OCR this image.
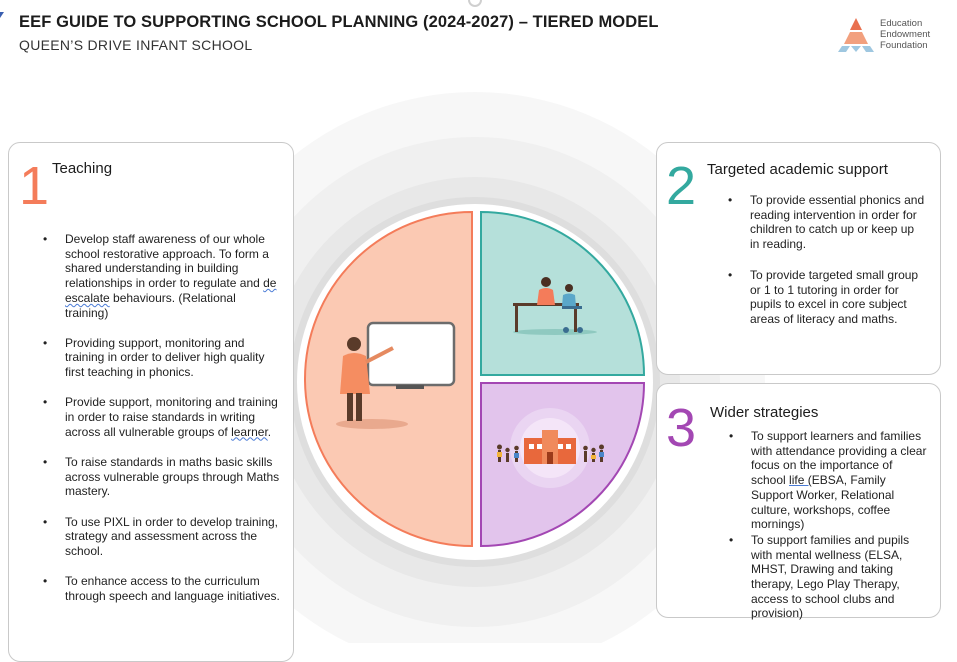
EEF GUIDE TO SUPPORTING SCHOOL PLANNING (2024-2027) – TIERED MODEL
QUEEN’S DRIVE INFANT SCHOOL
Education
Endowment
Foundation
1 Teaching
• Develop staff awareness of our whole school restorative approach. To form a shared understanding in building relationships in order to regulate and de escalate behaviours. (Relational training)
• Providing support, monitoring and training in order to deliver high quality first teaching in phonics.
• Provide support, monitoring and training in order to raise standards in writing across all vulnerable groups of learner.
• To raise standards in maths basic skills across vulnerable groups through Maths mastery.
• To use PIXL in order to develop training, strategy and assessment across the school.
• To enhance access to the curriculum through speech and language initiatives.
2 Targeted academic support
• To provide essential phonics and reading intervention in order for children to catch up or keep up in reading.
• To provide targeted small group or 1 to 1 tutoring in order for pupils to excel in core subject areas of literacy and maths.
3 Wider strategies
• To support learners and families with attendance providing a clear focus on the importance of school life (EBSA, Family Support Worker, Relational culture, workshops, coffee mornings)
• To support families and pupils with mental wellness (ELSA, MHST, Drawing and taking therapy, Lego Play Therapy, access to school clubs and provision)
